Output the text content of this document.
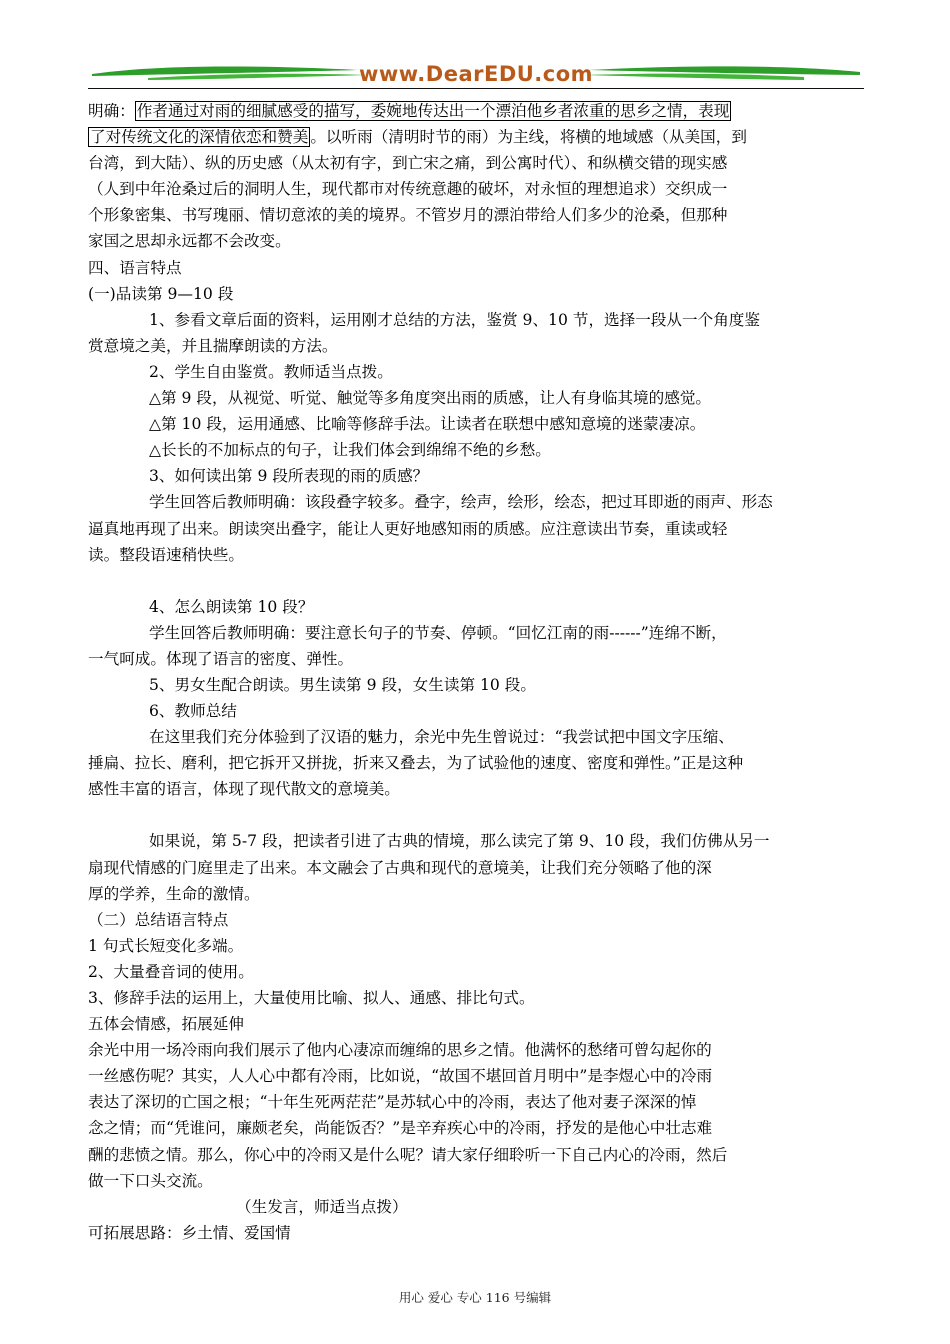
www.DearEDU.com

明确： 作者通过对雨的细腻感受的描写，委婉地传达出一个漂泊他乡者浓重的思乡之情，表现

了对传统文化的深情依恋和赞美 。以听雨（清明时节的雨）为主线，将横的地域感（从美国，到

台湾，到大陆）、纵的历史感（从太初有字，到亡宋之痛，到公寓时代）、和纵横交错的现实感

（人到中年沧桑过后的洞明人生，现代都市对传统意趣的破坏，对永恒的理想追求）交织成一

个形象密集、书写瑰丽、情切意浓的美的境界。不管岁月的漂泊带给人们多少的沧桑，但那种

家国之思却永远都不会改变。

四、语言特点

(一)品读第 9—10 段

1、参看文章后面的资料，运用刚才总结的方法，鉴赏 9、10 节，选择一段从一个角度鉴

赏意境之美，并且揣摩朗读的方法。

2、学生自由鉴赏。教师适当点拨。

△第 9 段，从视觉、听觉、触觉等多角度突出雨的质感，让人有身临其境的感觉。

△第 10 段，运用通感、比喻等修辞手法。让读者在联想中感知意境的迷蒙凄凉。

△长长的不加标点的句子，让我们体会到绵绵不绝的乡愁。

3、如何读出第 9 段所表现的雨的质感？

学生回答后教师明确：该段叠字较多。叠字，绘声，绘形，绘态，把过耳即逝的雨声、形态

逼真地再现了出来。朗读突出叠字，能让人更好地感知雨的质感。应注意读出节奏，重读或轻

读。整段语速稍快些。

4、怎么朗读第 10 段？

学生回答后教师明确：要注意长句子的节奏、停顿。“回忆江南的雨------”连绵不断，

一气呵成。体现了语言的密度、弹性。

5、男女生配合朗读。男生读第 9 段，女生读第 10 段。

6、教师总结

在这里我们充分体验到了汉语的魅力，余光中先生曾说过：“我尝试把中国文字压缩、

捶扁、拉长、磨利，把它拆开又拼拢，折来又叠去，为了试验他的速度、密度和弹性。”正是这种

感性丰富的语言，体现了现代散文的意境美。

如果说，第 5-7 段，把读者引进了古典的情境，那么读完了第 9、10 段，我们仿佛从另一

扇现代情感的门庭里走了出来。本文融会了古典和现代的意境美，让我们充分领略了他的深

厚的学养，生命的激情。

（二）总结语言特点

1 句式长短变化多端。

2、大量叠音词的使用。

3、修辞手法的运用上，大量使用比喻、拟人、通感、排比句式。

五体会情感，拓展延伸

余光中用一场冷雨向我们展示了他内心凄凉而缠绵的思乡之情。他满怀的愁绪可曾勾起你的

一丝感伤呢？其实，人人心中都有冷雨，比如说，“故国不堪回首月明中”是李煜心中的冷雨

表达了深切的亡国之根；“十年生死两茫茫”是苏轼心中的冷雨，表达了他对妻子深深的悼

念之情；而“凭谁问，廉颇老矣，尚能饭否？”是辛弃疾心中的冷雨，抒发的是他心中壮志难

酬的悲愤之情。那么，你心中的冷雨又是什么呢？请大家仔细聆听一下自己内心的冷雨，然后

做一下口头交流。

（生发言，师适当点拨）

可拓展思路：乡土情、爱国情

用心 爱心 专心 116 号编辑
